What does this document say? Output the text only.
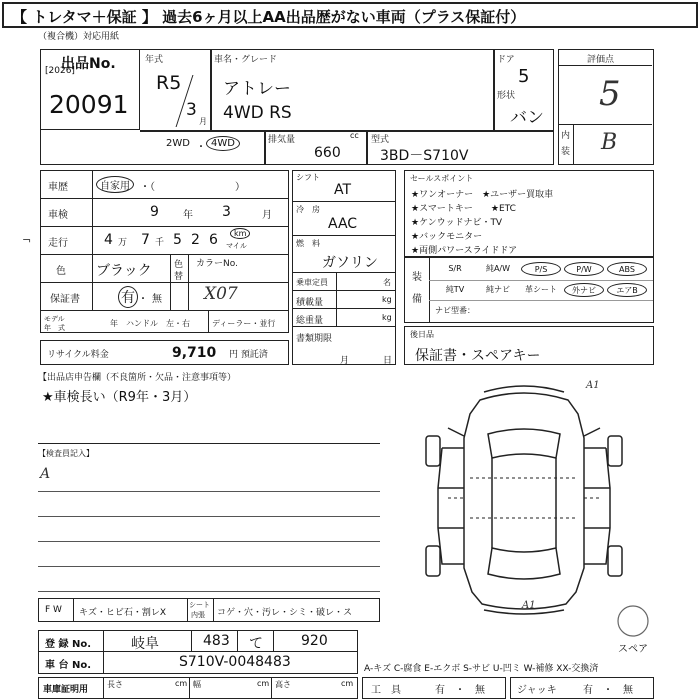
【 トレタマ＋保証 】 過去6ヶ月以上AA出品歴がない車両（プラス保証付）
（複合機）対応用紙
出品No.
[2026]
20091
年式
R5
3
月
車名・グレード
アトレー
4WD RS
ドア
5
形状
バン
2WD ・ 4WD	排気量	cc
660
型式
3BD－S710V
評価点
5
内
装 B
車歴	自家用	・（　　　　　　　　）
車検	9 年 3	月
走行	4 万 7 千 5 2 6	km
マイル
¬
色 ブラック 色
替
カラーNo.
X07
保証書	有 ・ 無
モデル
年　式	年　ハンドル　左・右	ディーラー・並行
リサイクル料金	9,710 円 預託済
シフト
AT
冷　房
AAC
燃　料
ガソリン
乗車定員	名
積載量	kg
総重量	kg
書類期限
月	日
セールスポイント
★ワンオーナー　★ユーザー買取車
★スマートキー　　★ETC
★ケンウッドナビ・TV
★バックモニター
★両側パワースライドドア
装
備
S/R	純A/W	P/S	P/W	ABS
純TV	純ナビ	革シート	外ナビ	エアB
ナビ型番：
後日品
保証書・スペアキー
【出品店申告欄（不良箇所・欠品・注意事項等）
★車検長い（R9年・3月）
【検査員記入】
A
A1
A1
スペア
F W キズ・ヒビ石・割レX
シート
内張 コゲ・穴・汚レ・シミ・破レ・ス
登 録 No.	岐阜	483 て	920
車 台 No.	S710V-0048483	A-キズ C-腐食 E-エクボ S-サビ U-凹ミ W-補修 XX-交換済
車庫証明用
長さ	cm 幅	cm 高さ	cm
工　具	有 ・ 無	ジャッキ	有 ・ 無
